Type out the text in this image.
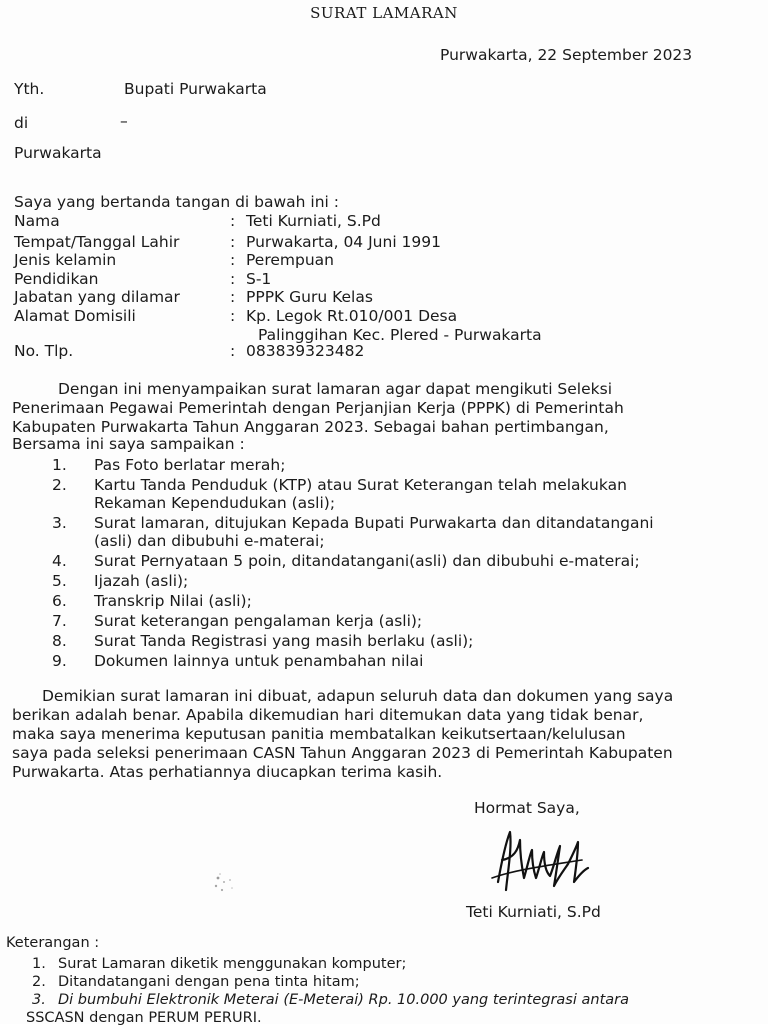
SURAT LAMARAN
Purwakarta, 22 September 2023
Yth.	Bupati Purwakarta
di	–
Purwakarta
Saya yang bertanda tangan di bawah ini :
Nama	: Teti Kurniati, S.Pd
Tempat/Tanggal Lahir	: Purwakarta, 04 Juni 1991
Jenis kelamin	: Perempuan
Pendidikan	: S-1
Jabatan yang dilamar	: PPPK Guru Kelas
Alamat Domisili	: Kp. Legok Rt.010/001 Desa
Palinggihan Kec. Plered - Purwakarta
No. Tlp.	: 083839323482
Dengan ini menyampaikan surat lamaran agar dapat mengikuti Seleksi
Penerimaan Pegawai Pemerintah dengan Perjanjian Kerja (PPPK) di Pemerintah
Kabupaten Purwakarta Tahun Anggaran 2023. Sebagai bahan pertimbangan,
Bersama ini saya sampaikan :
1. Pas Foto berlatar merah;
2. Kartu Tanda Penduduk (KTP) atau Surat Keterangan telah melakukan
Rekaman Kependudukan (asli);
3. Surat lamaran, ditujukan Kepada Bupati Purwakarta dan ditandatangani
(asli) dan dibubuhi e-materai;
4. Surat Pernyataan 5 poin, ditandatangani(asli) dan dibubuhi e-materai;
5. Ijazah (asli);
6. Transkrip Nilai (asli);
7. Surat keterangan pengalaman kerja (asli);
8. Surat Tanda Registrasi yang masih berlaku (asli);
9. Dokumen lainnya untuk penambahan nilai
Demikian surat lamaran ini dibuat, adapun seluruh data dan dokumen yang saya
berikan adalah benar. Apabila dikemudian hari ditemukan data yang tidak benar,
maka saya menerima keputusan panitia membatalkan keikutsertaan/kelulusan
saya pada seleksi penerimaan CASN Tahun Anggaran 2023 di Pemerintah Kabupaten
Purwakarta. Atas perhatiannya diucapkan terima kasih.
Hormat Saya,
Teti Kurniati, S.Pd
Keterangan :
1. Surat Lamaran diketik menggunakan komputer;
2. Ditandatangani dengan pena tinta hitam;
3. Di bumbuhi Elektronik Meterai (E-Meterai) Rp. 10.000 yang terintegrasi antara
SSCASN dengan PERUM PERURI.
